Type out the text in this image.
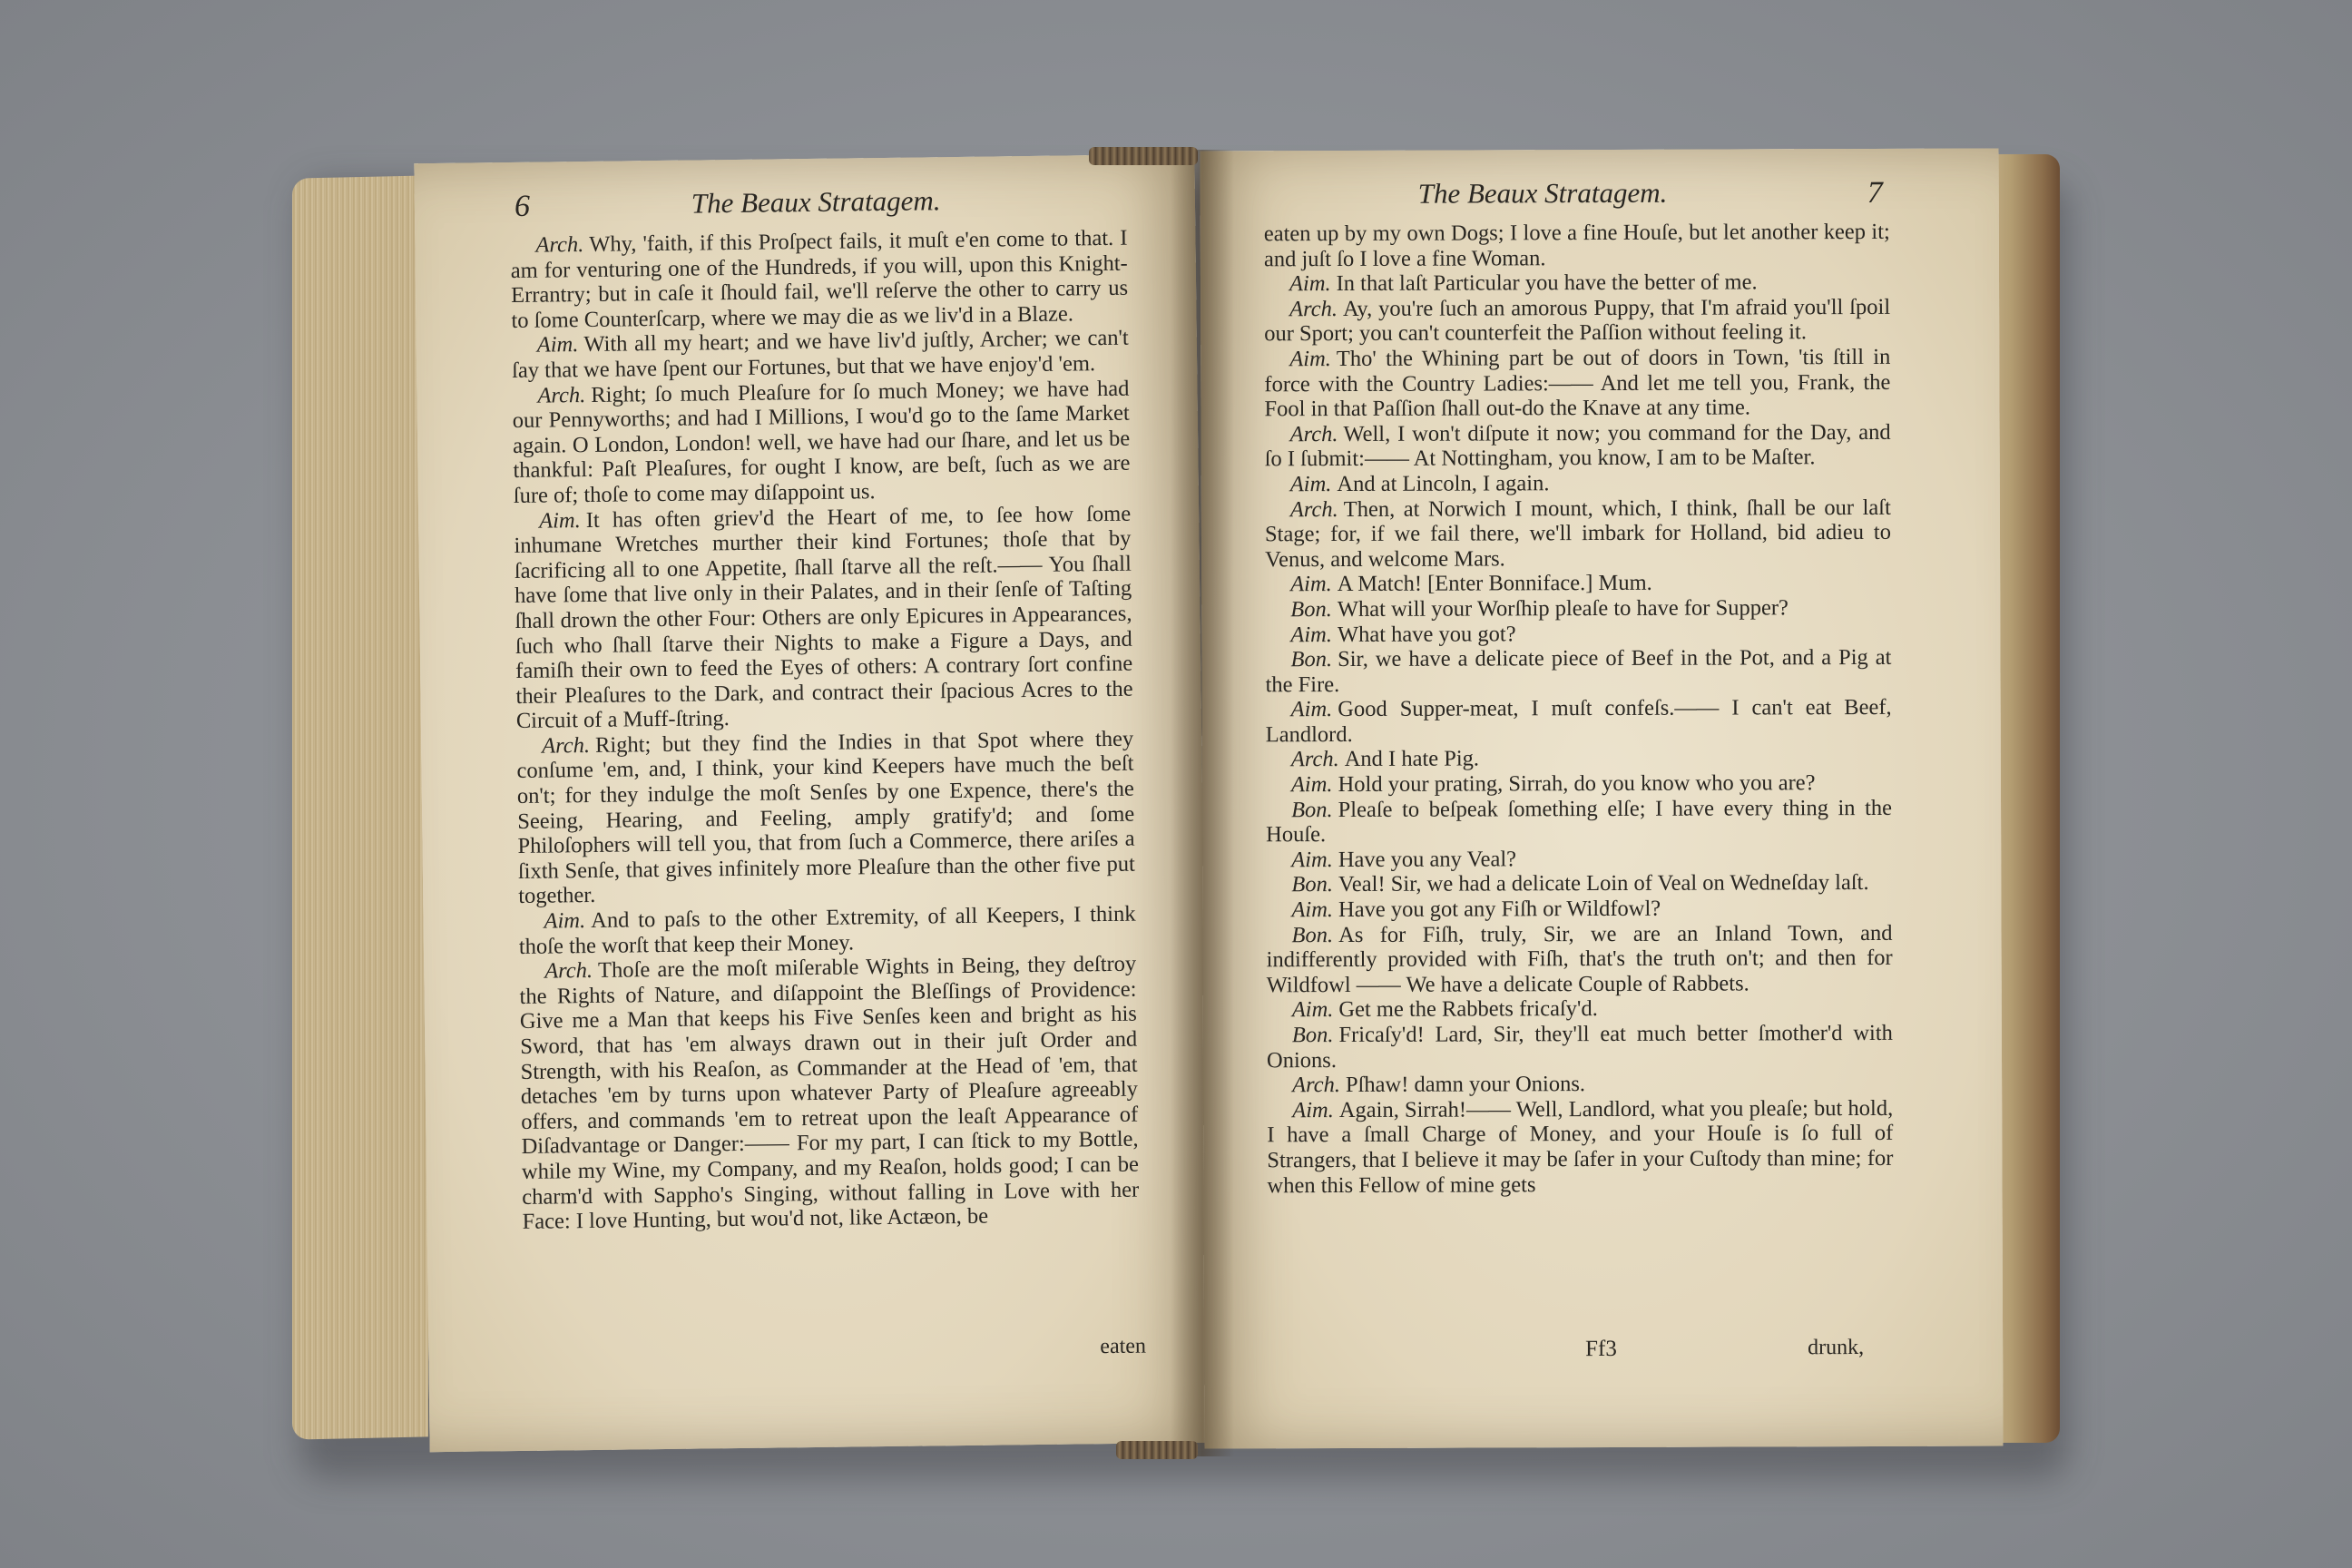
6	The Beaux Stratagem.

Arch. Why, 'faith, if this Proſpect fails, it muſt e'en come to that. I am for venturing one of the Hundreds, if you will, upon this Knight-Errantry; but in caſe it ſhould fail, we'll reſerve the other to carry us to ſome Counterſcarp, where we may die as we liv'd in a Blaze.

Aim. With all my heart; and we have liv'd juſtly, Archer; we can't ſay that we have ſpent our Fortunes, but that we have enjoy'd 'em.

Arch. Right; ſo much Pleaſure for ſo much Money; we have had our Pennyworths; and had I Millions, I wou'd go to the ſame Market again. O London, London! well, we have had our ſhare, and let us be thankful: Paſt Pleaſures, for ought I know, are beſt, ſuch as we are ſure of; thoſe to come may diſappoint us.

Aim. It has often griev'd the Heart of me, to ſee how ſome inhumane Wretches murther their kind Fortunes; thoſe that by ſacrificing all to one Appetite, ſhall ſtarve all the reſt.—— You ſhall have ſome that live only in their Palates, and in their ſenſe of Taſting ſhall drown the other Four: Others are only Epicures in Appearances, ſuch who ſhall ſtarve their Nights to make a Figure a Days, and famiſh their own to feed the Eyes of others: A contrary ſort confine their Pleaſures to the Dark, and contract their ſpacious Acres to the Circuit of a Muff-ſtring.

Arch. Right; but they find the Indies in that Spot where they conſume 'em, and, I think, your kind Keepers have much the beſt on't; for they indulge the moſt Senſes by one Expence, there's the Seeing, Hearing, and Feeling, amply gratify'd; and ſome Philoſophers will tell you, that from ſuch a Commerce, there ariſes a ſixth Senſe, that gives infinitely more Pleaſure than the other five put together.

Aim. And to paſs to the other Extremity, of all Keepers, I think thoſe the worſt that keep their Money.

Arch. Thoſe are the moſt miſerable Wights in Being, they deſtroy the Rights of Nature, and diſappoint the Bleſſings of Providence: Give me a Man that keeps his Five Senſes keen and bright as his Sword, that has 'em always drawn out in their juſt Order and Strength, with his Reaſon, as Commander at the Head of 'em, that detaches 'em by turns upon whatever Party of Pleaſure agreeably offers, and commands 'em to retreat upon the leaſt Appearance of Diſadvantage or Danger:—— For my part, I can ſtick to my Bottle, while my Wine, my Company, and my Reaſon, holds good; I can be charm'd with Sappho's Singing, without falling in Love with her Face: I love Hunting, but wou'd not, like Actæon, be

eaten
The Beaux Stratagem.	7

eaten up by my own Dogs; I love a fine Houſe, but let another keep it; and juſt ſo I love a fine Woman.

Aim. In that laſt Particular you have the better of me.

Arch. Ay, you're ſuch an amorous Puppy, that I'm afraid you'll ſpoil our Sport; you can't counterfeit the Paſſion without feeling it.

Aim. Tho' the Whining part be out of doors in Town, 'tis ſtill in force with the Country Ladies:—— And let me tell you, Frank, the Fool in that Paſſion ſhall out-do the Knave at any time.

Arch. Well, I won't diſpute it now; you command for the Day, and ſo I ſubmit:—— At Nottingham, you know, I am to be Maſter.

Aim. And at Lincoln, I again.

Arch. Then, at Norwich I mount, which, I think, ſhall be our laſt Stage; for, if we fail there, we'll imbark for Holland, bid adieu to Venus, and welcome Mars.

Aim. A Match! [Enter Bonniface.] Mum.

Bon. What will your Worſhip pleaſe to have for Supper?

Aim. What have you got?

Bon. Sir, we have a delicate piece of Beef in the Pot, and a Pig at the Fire.

Aim. Good Supper-meat, I muſt confeſs.—— I can't eat Beef, Landlord.

Arch. And I hate Pig.

Aim. Hold your prating, Sirrah, do you know who you are?

Bon. Pleaſe to beſpeak ſomething elſe; I have every thing in the Houſe.

Aim. Have you any Veal?

Bon. Veal! Sir, we had a delicate Loin of Veal on Wedneſday laſt.

Aim. Have you got any Fiſh or Wildfowl?

Bon. As for Fiſh, truly, Sir, we are an Inland Town, and indifferently provided with Fiſh, that's the truth on't; and then for Wildfowl —— We have a delicate Couple of Rabbets.

Aim. Get me the Rabbets fricaſy'd.

Bon. Fricaſy'd! Lard, Sir, they'll eat much better ſmother'd with Onions.

Arch. Pſhaw! damn your Onions.

Aim. Again, Sirrah!—— Well, Landlord, what you pleaſe; but hold, I have a ſmall Charge of Money, and your Houſe is ſo full of Strangers, that I believe it may be ſafer in your Cuſtody than mine; for when this Fellow of mine gets

Ff3	drunk,
